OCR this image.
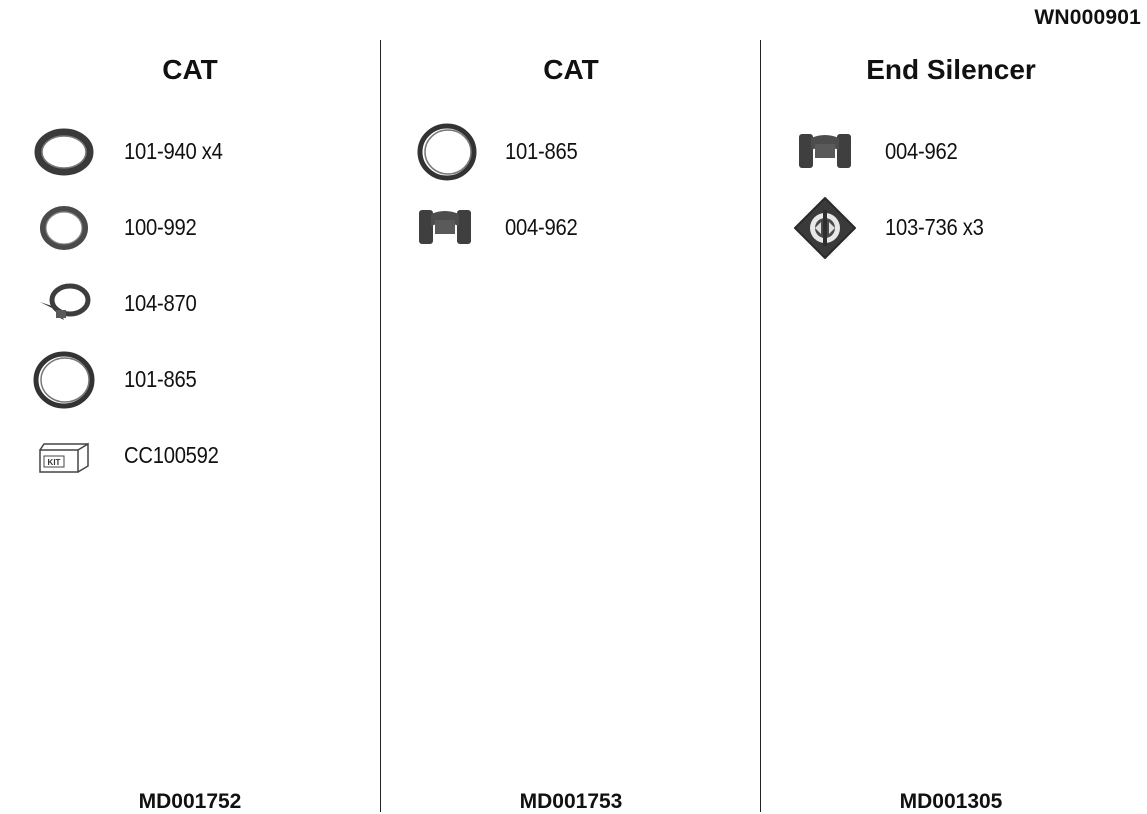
WN000901
CAT
101-940 x4
100-992
104-870
101-865
KIT	CC100592
MD001752
CAT
101-865
004-962
MD001753
End Silencer
004-962
103-736 x3
MD001305
